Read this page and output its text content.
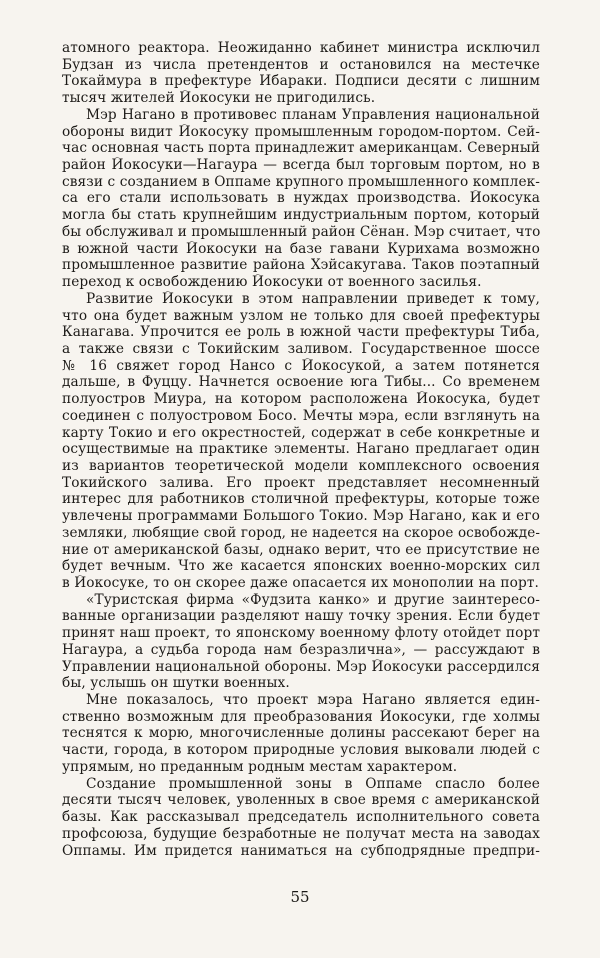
атомного реактора. Неожиданно кабинет министра исключил
Будзан из числа претендентов и остановился на местечке
Токаймура в префектуре Ибараки. Подписи десяти с лишним
тысяч жителей Йокосуки не пригодились.
Мэр Нагано в противовес планам Управления национальной
обороны видит Йокосуку промышленным городом-портом. Сей-
час основная часть порта принадлежит американцам. Северный
район Йокосуки—Нагаура — всегда был торговым портом, но в
связи с созданием в Оппаме крупного промышленного комплек-
са его стали использовать в нуждах производства. Йокосука
могла бы стать крупнейшим индустриальным портом, который
бы обслуживал и промышленный район Сёнан. Мэр считает, что
в южной части Йокосуки на базе гавани Курихама возможно
промышленное развитие района Хэйсакугава. Таков поэтапный
переход к освобождению Йокосуки от военного засилья.
Развитие Йокосуки в этом направлении приведет к тому,
что она будет важным узлом не только для своей префектуры
Канагава. Упрочится ее роль в южной части префектуры Тиба,
а также связи с Токийским заливом. Государственное шоссе
№ 16 свяжет город Нансо с Йокосукой, а затем потянется
дальше, в Фуццу. Начнется освоение юга Тибы... Со временем
полуостров Миура, на котором расположена Йокосука, будет
соединен с полуостровом Босо. Мечты мэра, если взглянуть на
карту Токио и его окрестностей, содержат в себе конкретные и
осуществимые на практике элементы. Нагано предлагает один
из вариантов теоретической модели комплексного освоения
Токийского залива. Его проект представляет несомненный
интерес для работников столичной префектуры, которые тоже
увлечены программами Большого Токио. Мэр Нагано, как и его
земляки, любящие свой город, не надеется на скорое освобожде-
ние от американской базы, однако верит, что ее присутствие не
будет вечным. Что же касается японских военно-морских сил
в Йокосуке, то он скорее даже опасается их монополии на порт.
«Туристская фирма «Фудзита канко» и другие заинтересо-
ванные организации разделяют нашу точку зрения. Если будет
принят наш проект, то японскому военному флоту отойдет порт
Нагаура, а судьба города нам безразлична», — рассуждают в
Управлении национальной обороны. Мэр Йокосуки рассердился
бы, услышь он шутки военных.
Мне показалось, что проект мэра Нагано является един-
ственно возможным для преобразования Йокосуки, где холмы
теснятся к морю, многочисленные долины рассекают берег на
части, города, в котором природные условия выковали людей с
упрямым, но преданным родным местам характером.
Создание промышленной зоны в Оппаме спасло более
десяти тысяч человек, уволенных в свое время с американской
базы. Как рассказывал председатель исполнительного совета
профсоюза, будущие безработные не получат места на заводах
Оппамы. Им придется наниматься на субподрядные предпри-
55
